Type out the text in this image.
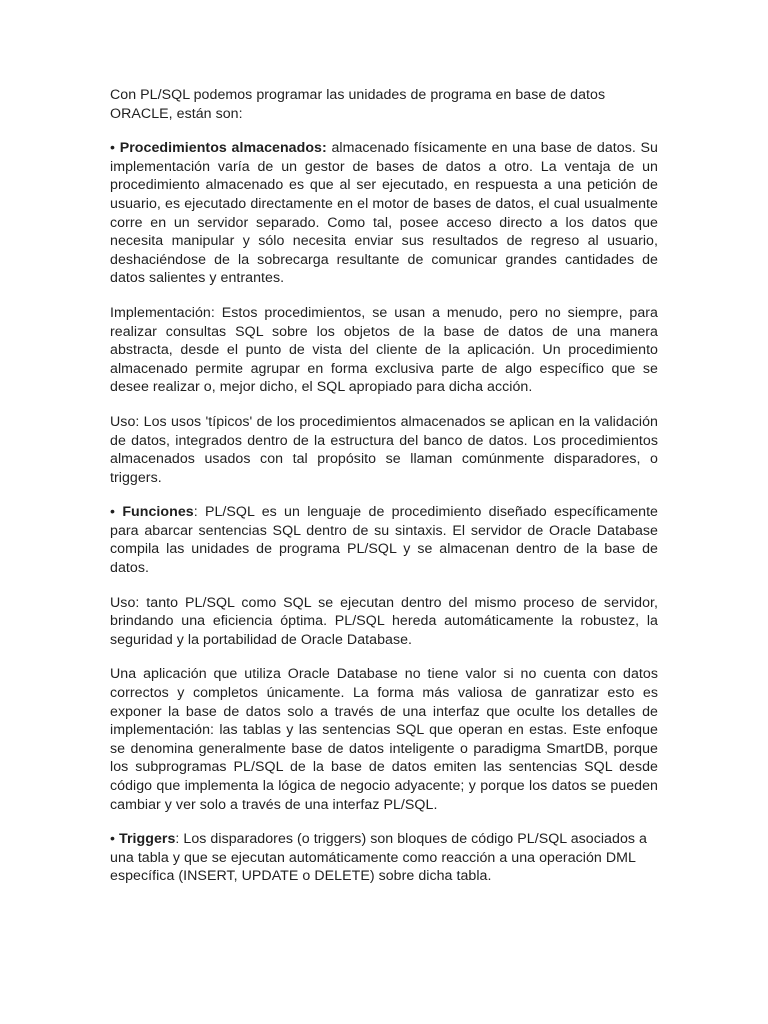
Con PL/SQL podemos programar las unidades de programa en base de datos ORACLE, están son:

• Procedimientos almacenados: almacenado físicamente en una base de datos. Su implementación varía de un gestor de bases de datos a otro. La ventaja de un procedimiento almacenado es que al ser ejecutado, en respuesta a una petición de usuario, es ejecutado directamente en el motor de bases de datos, el cual usualmente corre en un servidor separado. Como tal, posee acceso directo a los datos que necesita manipular y sólo necesita enviar sus resultados de regreso al usuario, deshaciéndose de la sobrecarga resultante de comunicar grandes cantidades de datos salientes y entrantes.

Implementación: Estos procedimientos, se usan a menudo, pero no siempre, para realizar consultas SQL sobre los objetos de la base de datos de una manera abstracta, desde el punto de vista del cliente de la aplicación. Un procedimiento almacenado permite agrupar en forma exclusiva parte de algo específico que se desee realizar o, mejor dicho, el SQL apropiado para dicha acción.

Uso: Los usos 'típicos' de los procedimientos almacenados se aplican en la validación de datos, integrados dentro de la estructura del banco de datos. Los procedimientos almacenados usados con tal propósito se llaman comúnmente disparadores, o triggers.

• Funciones: PL/SQL es un lenguaje de procedimiento diseñado específicamente para abarcar sentencias SQL dentro de su sintaxis. El servidor de Oracle Database compila las unidades de programa PL/SQL y se almacenan dentro de la base de datos.

Uso: tanto PL/SQL como SQL se ejecutan dentro del mismo proceso de servidor, brindando una eficiencia óptima. PL/SQL hereda automáticamente la robustez, la seguridad y la portabilidad de Oracle Database.

Una aplicación que utiliza Oracle Database no tiene valor si no cuenta con datos correctos y completos únicamente. La forma más valiosa de ganratizar esto es exponer la base de datos solo a través de una interfaz que oculte los detalles de implementación: las tablas y las sentencias SQL que operan en estas. Este enfoque se denomina generalmente base de datos inteligente o paradigma SmartDB, porque los subprogramas PL/SQL de la base de datos emiten las sentencias SQL desde código que implementa la lógica de negocio adyacente; y porque los datos se pueden cambiar y ver solo a través de una interfaz PL/SQL.

• Triggers: Los disparadores (o triggers) son bloques de código PL/SQL asociados a una tabla y que se ejecutan automáticamente como reacción a una operación DML específica (INSERT, UPDATE o DELETE) sobre dicha tabla.
